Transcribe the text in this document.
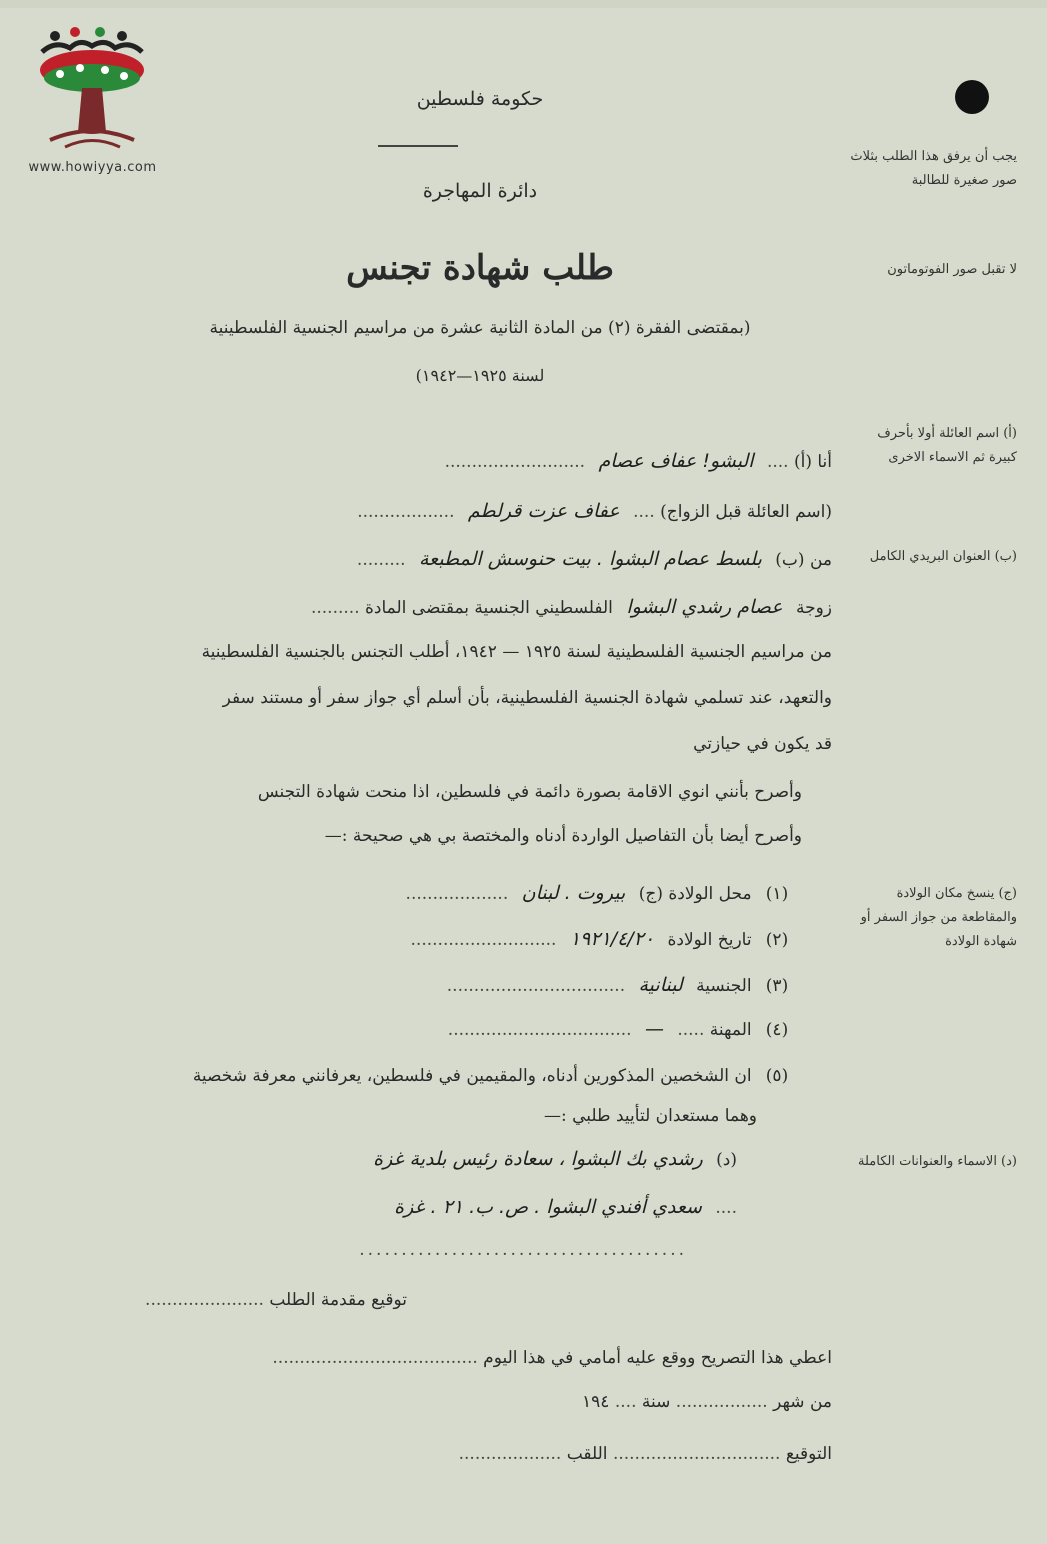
www.howiyya.com
حكومة فلسطين
دائرة المهاجرة
طلب شهادة تجنس
(بمقتضى الفقرة (٢) من المادة الثانية عشرة من مراسيم الجنسية الفلسطينية
لسنة ١٩٢٥—١٩٤٢)
يجب أن يرفق هذا الطلب بثلاث صور صغيرة للطالبة
لا تقبل صور الفوتوماتون
(أ) اسم العائلة أولا بأحرف كبيرة ثم الاسماء الاخرى
(ب) العنوان البريدي الكامل
(ج) ينسخ مكان الولادة والمقاطعة من جواز السفر أو شهادة الولادة
(د) الاسماء والعنوانات الكاملة
أنا (أ) .... البشو! عفاف عصام ..........................
(اسم العائلة قبل الزواج) .... عفاف عزت قرلطم ..................
من (ب) بلسط عصام البشوا . بيت حنوسش المطبعة .........
زوجة عصام رشدي البشوا الفلسطيني الجنسية بمقتضى المادة .........
من مراسيم الجنسية الفلسطينية لسنة ١٩٢٥ — ١٩٤٢، أطلب التجنس بالجنسية الفلسطينية
والتعهد، عند تسلمي شهادة الجنسية الفلسطينية، بأن أسلم أي جواز سفر أو مستند سفر
قد يكون في حيازتي
وأصرح بأنني انوي الاقامة بصورة دائمة في فلسطين، اذا منحت شهادة التجنس
وأصرح أيضا بأن التفاصيل الواردة أدناه والمختصة بي هي صحيحة :—
(١) محل الولادة (ج) بيروت . لبنان ...................
(٢) تاريخ الولادة ١٩٢١/٤/٢٠ ...........................
(٣) الجنسية لبنانية .................................
(٤) المهنة ..... — ..................................
(٥) ان الشخصين المذكورين أدناه، والمقيمين في فلسطين، يعرفانني معرفة شخصية
وهما مستعدان لتأييد طلبي :—
(د) رشدي بك البشوا ، سعادة رئيس بلدية غزة
.... سعدي أفندي البشوا . ص. ب. ٢١ . غزة
.......................................
توقيع مقدمة الطلب ......................
اعطي هذا التصريح ووقع عليه أمامي في هذا اليوم ......................................
من شهر ................. سنة .... ١٩٤
التوقيع ............................... اللقب ...................
